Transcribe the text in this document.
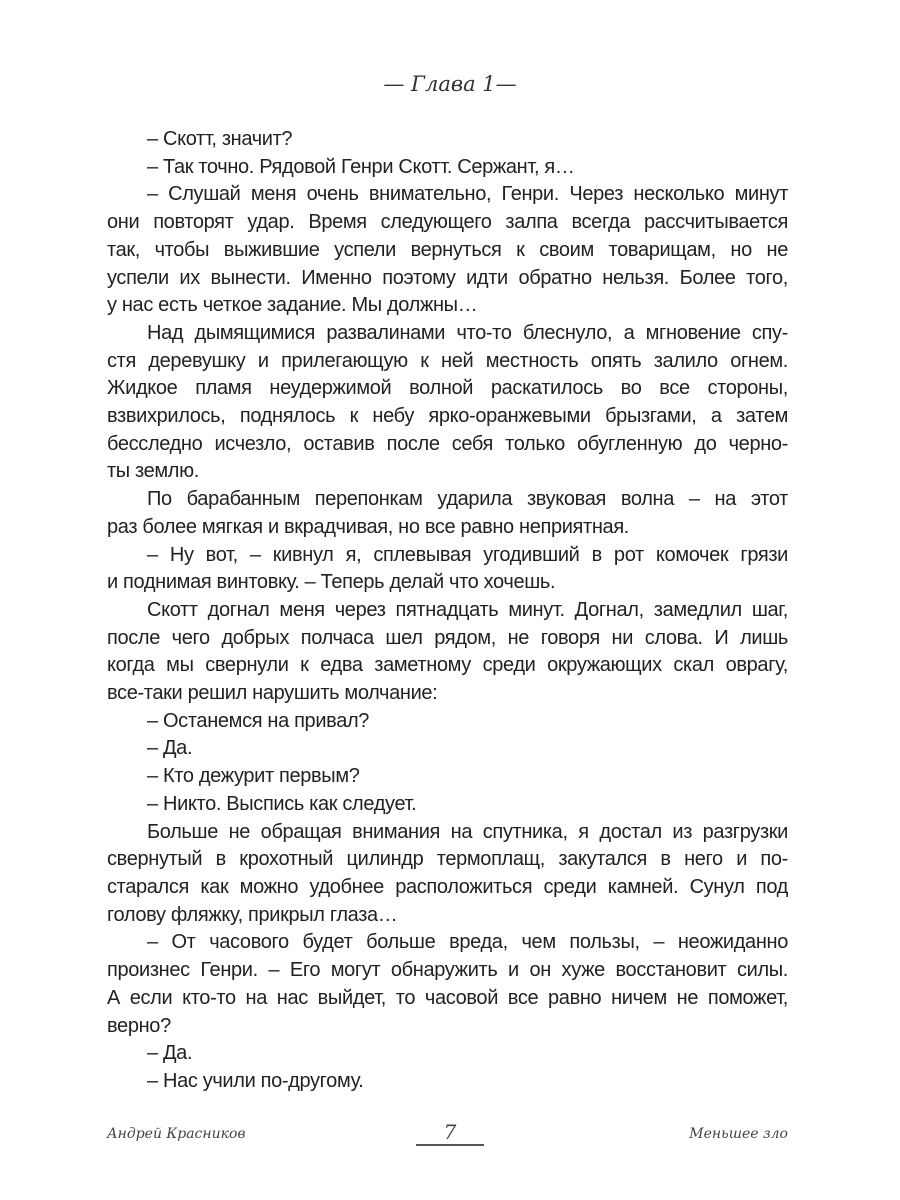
— Глава 1—
– Скотт, значит?
– Так точно. Рядовой Генри Скотт. Сержант, я…
– Слушай меня очень внимательно, Генри. Через несколько минут
они повторят удар. Время следующего залпа всегда рассчитывается
так, чтобы выжившие успели вернуться к своим товарищам, но не
успели их вынести. Именно поэтому идти обратно нельзя. Более того,
у нас есть четкое задание. Мы должны…
Над дымящимися развалинами что-то блеснуло, а мгновение спу-
стя деревушку и прилегающую к ней местность опять залило огнем.
Жидкое пламя неудержимой волной раскатилось во все стороны,
взвихрилось, поднялось к небу ярко-оранжевыми брызгами, а затем
бесследно исчезло, оставив после себя только обугленную до черно-
ты землю.
По барабанным перепонкам ударила звуковая волна – на этот
раз более мягкая и вкрадчивая, но все равно неприятная.
– Ну вот, – кивнул я, сплевывая угодивший в рот комочек грязи
и поднимая винтовку. – Теперь делай что хочешь.
Скотт догнал меня через пятнадцать минут. Догнал, замедлил шаг,
после чего добрых полчаса шел рядом, не говоря ни слова. И лишь
когда мы свернули к едва заметному среди окружающих скал оврагу,
все-таки решил нарушить молчание:
– Останемся на привал?
– Да.
– Кто дежурит первым?
– Никто. Выспись как следует.
Больше не обращая внимания на спутника, я достал из разгрузки
свернутый в крохотный цилиндр термоплащ, закутался в него и по-
старался как можно удобнее расположиться среди камней. Сунул под
голову фляжку, прикрыл глаза…
– От часового будет больше вреда, чем пользы, – неожиданно
произнес Генри. – Его могут обнаружить и он хуже восстановит силы.
А если кто-то на нас выйдет, то часовой все равно ничем не поможет,
верно?
– Да.
– Нас учили по-другому.
Андрей Красников	7	Меньшее зло
